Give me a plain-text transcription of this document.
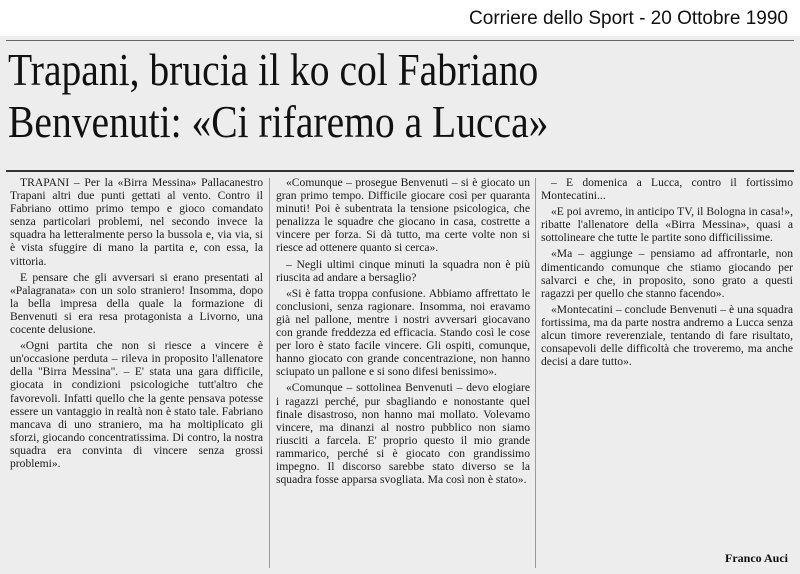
Corriere dello Sport - 20 Ottobre 1990
Trapani, brucia il ko col Fabriano
Benvenuti: «Ci rifaremo a Lucca»

TRAPANI – Per la «Birra Messina» Pallacanestro Trapani altri due punti gettati al vento. Contro il Fabriano ottimo primo tempo e gioco comandato senza particolari problemi, nel secondo invece la squadra ha letteralmente perso la bussola e, via via, si è vista sfuggire di mano la partita e, con essa, la vittoria.

E pensare che gli avversari si erano presentati al «Palagranata» con un solo straniero! Insomma, dopo la bella impresa della quale la formazione di Benvenuti si era resa protagonista a Livorno, una cocente delusione.

«Ogni partita che non si riesce a vincere è un'occasione perduta – rileva in proposito l'allenatore della "Birra Messina". – E' stata una gara difficile, giocata in condizioni psicologiche tutt'altro che favorevoli. Infatti quello che la gente pensava potesse essere un vantaggio in realtà non è stato tale. Fabriano mancava di uno straniero, ma ha moltiplicato gli sforzi, giocando concentratissima. Di contro, la nostra squadra era convinta di vincere senza grossi problemi».

«Comunque – prosegue Benvenuti – si è giocato un gran primo tempo. Difficile giocare così per quaranta minuti! Poi è subentrata la tensione psicologica, che penalizza le squadre che giocano in casa, costrette a vincere per forza. Si dà tutto, ma certe volte non si riesce ad ottenere quanto si cerca».

– Negli ultimi cinque minuti la squadra non è più riuscita ad andare a bersaglio?

«Si è fatta troppa confusione. Abbiamo affrettato le conclusioni, senza ragionare. Insomma, noi eravamo già nel pallone, mentre i nostri avversari giocavano con grande freddezza ed efficacia. Stando così le cose per loro è stato facile vincere. Gli ospiti, comunque, hanno giocato con grande concentrazione, non hanno sciupato un pallone e si sono difesi benissimo».

«Comunque – sottolinea Benvenuti – devo elogiare i ragazzi perché, pur sbagliando e nonostante quel finale disastroso, non hanno mai mollato. Volevamo vincere, ma dinanzi al nostro pubblico non siamo riusciti a farcela. E' proprio questo il mio grande rammarico, perché si è giocato con grandissimo impegno. Il discorso sarebbe stato diverso se la squadra fosse apparsa svogliata. Ma così non è stato».

– E domenica a Lucca, contro il fortissimo Montecatini...

«E poi avremo, in anticipo TV, il Bologna in casa!», ribatte l'allenatore della «Birra Messina», quasi a sottolineare che tutte le partite sono difficilissime.

«Ma – aggiunge – pensiamo ad affrontarle, non dimenticando comunque che stiamo giocando per salvarci e che, in proposito, sono grato a questi ragazzi per quello che stanno facendo».

«Montecatini – conclude Benvenuti – è una squadra fortissima, ma da parte nostra andremo a Lucca senza alcun timore reverenziale, tentando di fare risultato, consapevoli delle difficoltà che troveremo, ma anche decisi a dare tutto».

Franco Auci
